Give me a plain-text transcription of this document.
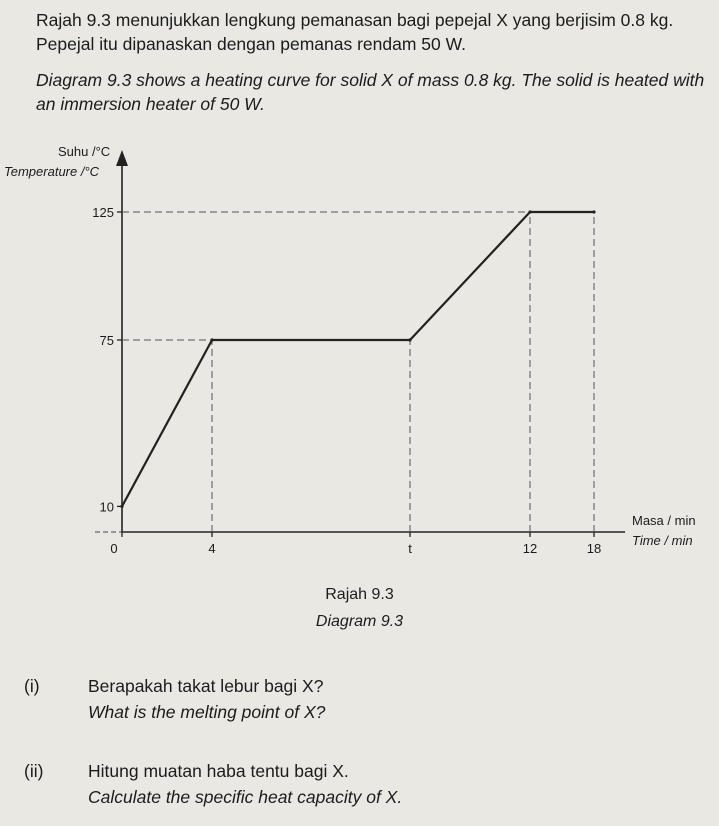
Rajah 9.3 menunjukkan lengkung pemanasan bagi pepejal X yang berjisim 0.8 kg. Pepejal itu dipanaskan dengan pemanas rendam 50 W.

Diagram 9.3 shows a heating curve for solid X of mass 0.8 kg. The solid is heated with an immersion heater of 50 W.

125
75
10
0	4	t	12	18
Suhu /°C
Temperature /°C
Masa / min
Time / min
Rajah 9.3
Diagram 9.3
(i)	Berapakah takat lebur bagi X?
What is the melting point of X?
(ii)	Hitung muatan haba tentu bagi X.
Calculate the specific heat capacity of X.
